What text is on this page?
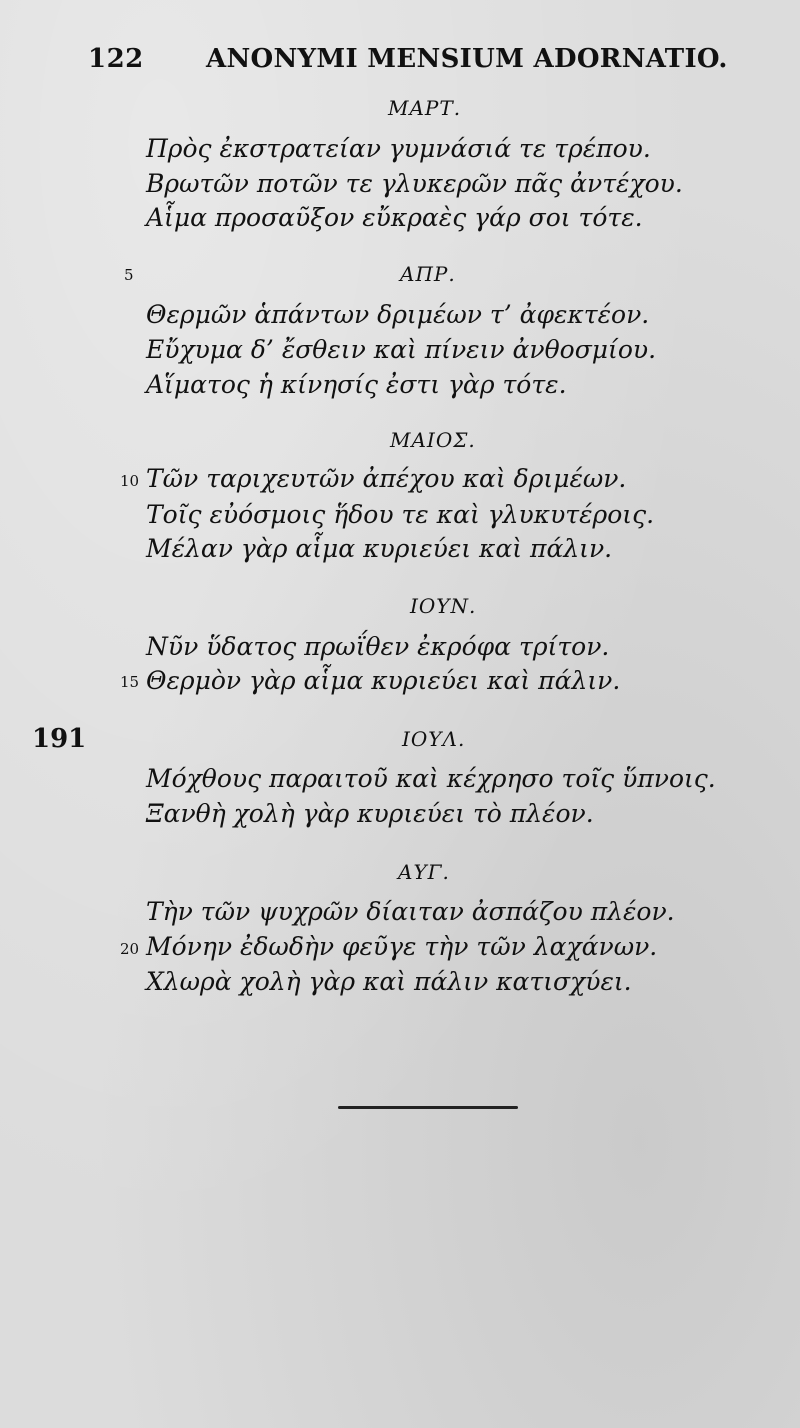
122 ANONYMI MENSIUM ADORNATIO.
191
ΜΑΡΤ.
Πρὸς ἐκστρατείαν γυμνάσιά τε τρέπου.
Βρωτῶν ποτῶν τε γλυκερῶν πᾶς ἀντέχου.
Αἷμα προσαῦξον εὔκραὲς γάρ σοι τότε.
5	ΑΠΡ.
Θερμῶν ἁπάντων δριμέων τ’ ἀφεκτέον.
Εὔχυμα δ’ ἔσθειν καὶ πίνειν ἀνθοσμίου.
Αἵματος ἡ κίνησίς ἐστι γὰρ τότε.
ΜΑΙΟΣ.
10 Τῶν ταριχευτῶν ἀπέχου καὶ δριμέων.
Τοῖς εὐόσμοις ἥδου τε καὶ γλυκυτέροις.
Μέλαν γὰρ αἷμα κυριεύει καὶ πάλιν.
ΙΟΥΝ.
Νῦν ὕδατος πρωΐθεν ἐκρόφα τρίτον.
15 Θερμὸν γὰρ αἷμα κυριεύει καὶ πάλιν.
ΙΟΥΛ.
Μόχθους παραιτοῦ καὶ κέχρησο τοῖς ὕπνοις.
Ξανθὴ χολὴ γὰρ κυριεύει τὸ πλέον.
ΑΥΓ.
Τὴν τῶν ψυχρῶν δίαιταν ἀσπάζου πλέον.
20 Μόνην ἐδωδὴν φεῦγε τὴν τῶν λαχάνων.
Χλωρὰ χολὴ γὰρ καὶ πάλιν κατισχύει.
